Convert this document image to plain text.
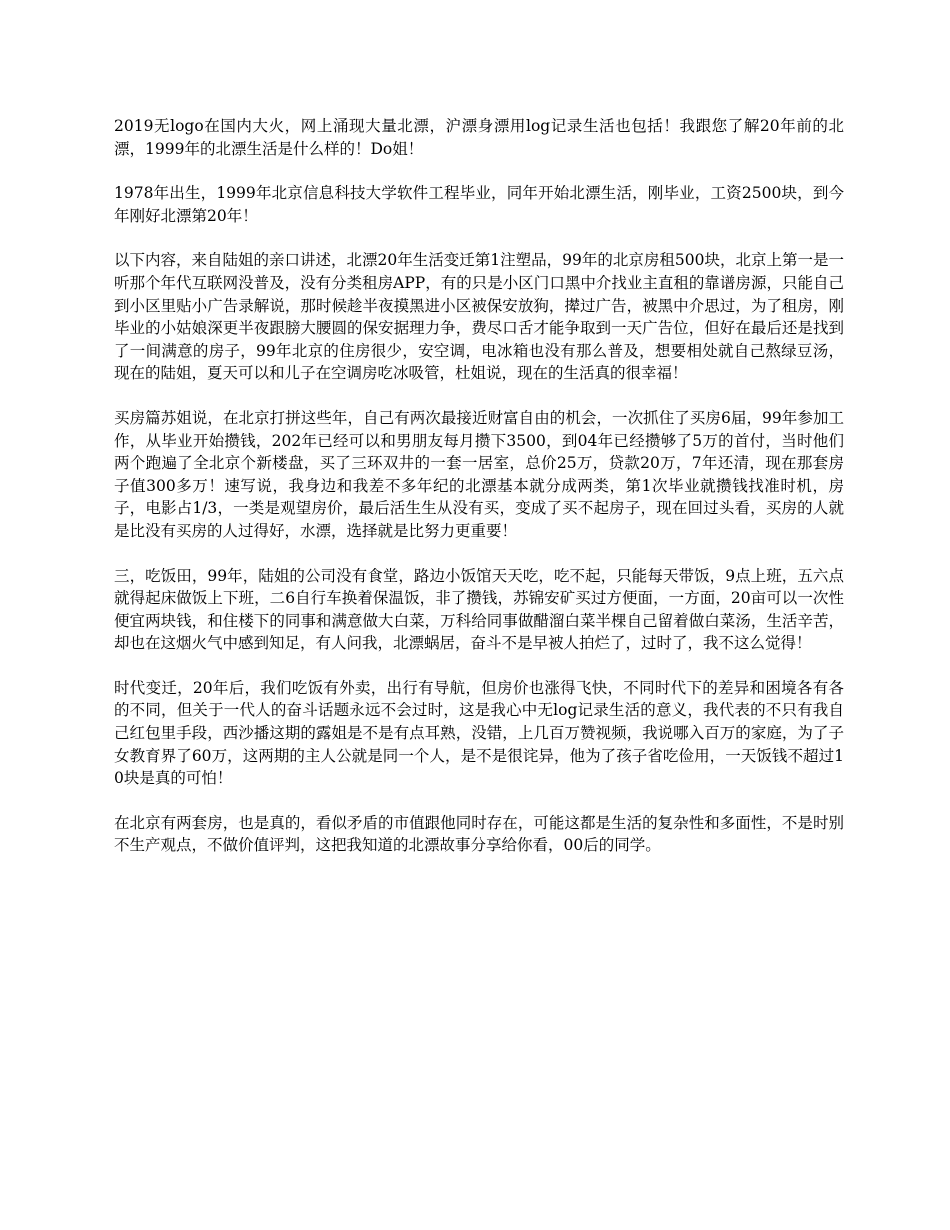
2019无logo在国内大火，网上涌现大量北漂，沪漂身漂用log记录生活也包括！我跟您了解20年前的北漂，1999年的北漂生活是什么样的！Do姐！

1978年出生，1999年北京信息科技大学软件工程毕业，同年开始北漂生活，刚毕业，工资2500块，到今年刚好北漂第20年！

以下内容，来自陆姐的亲口讲述，北漂20年生活变迁第1注塑品，99年的北京房租500块，北京上第一是一听那个年代互联网没普及，没有分类租房APP，有的只是小区门口黑中介找业主直租的靠谱房源，只能自己到小区里贴小广告录解说，那时候趁半夜摸黑进小区被保安放狗，撵过广告，被黑中介思过，为了租房，刚毕业的小姑娘深更半夜跟膀大腰圆的保安据理力争，费尽口舌才能争取到一天广告位，但好在最后还是找到了一间满意的房子，99年北京的住房很少，安空调，电冰箱也没有那么普及，想要相处就自己熬绿豆汤，现在的陆姐，夏天可以和儿子在空调房吃冰吸管，杜姐说，现在的生活真的很幸福！

买房篇苏姐说，在北京打拼这些年，自己有两次最接近财富自由的机会，一次抓住了买房6届，99年参加工作，从毕业开始攒钱，202年已经可以和男朋友每月攒下3500，到04年已经攒够了5万的首付，当时他们两个跑遍了全北京个新楼盘，买了三环双井的一套一居室，总价25万，贷款20万，7年还清，现在那套房子值300多万！速写说，我身边和我差不多年纪的北漂基本就分成两类，第1次毕业就攒钱找准时机，房子，电影占1/3，一类是观望房价，最后活生生从没有买，变成了买不起房子，现在回过头看，买房的人就是比没有买房的人过得好，水漂，选择就是比努力更重要！

三，吃饭田，99年，陆姐的公司没有食堂，路边小饭馆天天吃，吃不起，只能每天带饭，9点上班，五六点就得起床做饭上下班，二6自行车换着保温饭，非了攒钱，苏锦安矿买过方便面，一方面，20亩可以一次性便宜两块钱，和住楼下的同事和满意做大白菜，万科给同事做醋溜白菜半棵自己留着做白菜汤，生活辛苦，却也在这烟火气中感到知足，有人问我，北漂蜗居，奋斗不是早被人拍烂了，过时了，我不这么觉得！

时代变迁，20年后，我们吃饭有外卖，出行有导航，但房价也涨得飞快，不同时代下的差异和困境各有各的不同，但关于一代人的奋斗话题永远不会过时，这是我心中无log记录生活的意义，我代表的不只有我自己红包里手段，西沙播这期的露姐是不是有点耳熟，没错，上几百万赞视频，我说哪入百万的家庭，为了子女教育界了60万，这两期的主人公就是同一个人，是不是很诧异，他为了孩子省吃俭用，一天饭钱不超过10块是真的可怕！

在北京有两套房，也是真的，看似矛盾的市值跟他同时存在，可能这都是生活的复杂性和多面性，不是时别不生产观点，不做价值评判，这把我知道的北漂故事分享给你看，00后的同学。
